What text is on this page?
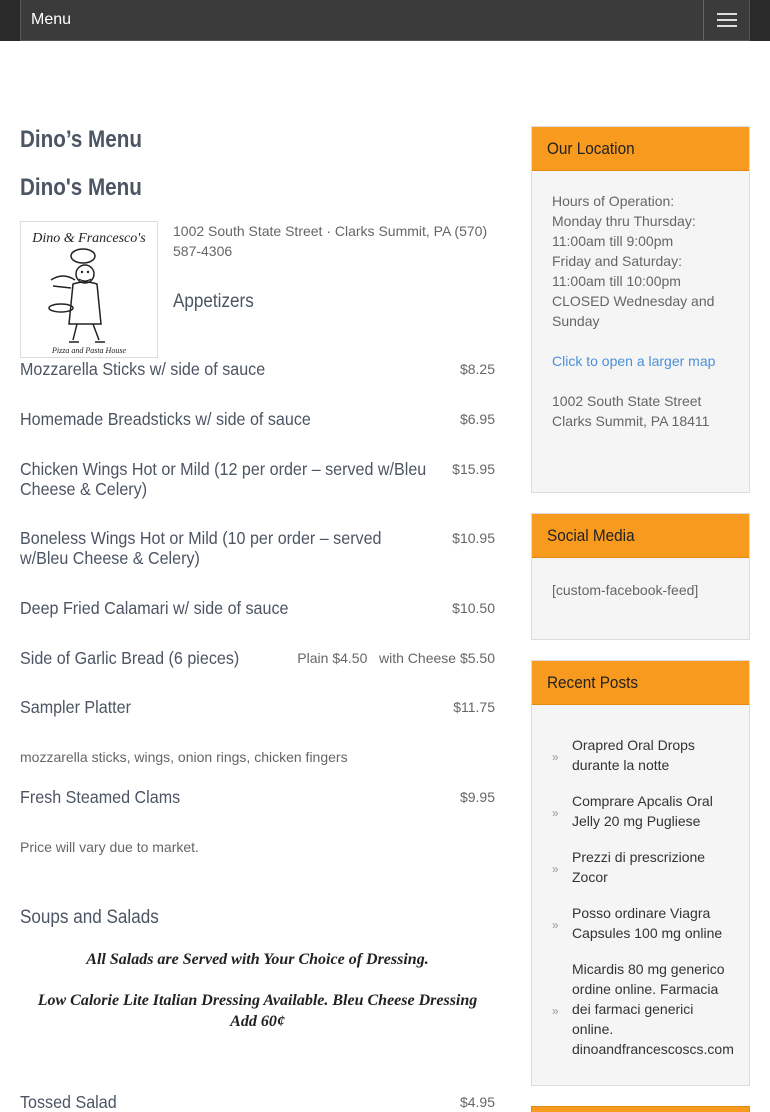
Menu
Dino’s Menu
Dino's Menu
Dino & Francesco's
Pizza and Pasta House
1002 South State Street · Clarks Summit, PA (570) 587-4306
Appetizers
Mozzarella Sticks w/ side of sauce	$8.25
Homemade Breadsticks w/ side of sauce	$6.95
Chicken Wings Hot or Mild (12 per order – served w/Bleu Cheese & Celery)
$15.95
Boneless Wings Hot or Mild (10 per order – served w/Bleu Cheese & Celery)
$10.95
Deep Fried Calamari w/ side of sauce	$10.50
Side of Garlic Bread (6 pieces)	Plain $4.50   with Cheese $5.50
Sampler Platter	$11.75
mozzarella sticks, wings, onion rings, chicken fingers
Fresh Steamed Clams	$9.95
Price will vary due to market.
Soups and Salads
All Salads are Served with Your Choice of Dressing.
Low Calorie Lite Italian Dressing Available. Bleu Cheese Dressing Add 60¢
Tossed Salad	$4.95
Our Location
Hours of Operation:
Monday thru Thursday:
11:00am till 9:00pm
Friday and Saturday:
11:00am till 10:00pm
CLOSED Wednesday and Sunday
Click to open a larger map
1002 South State Street
Clarks Summit, PA 18411
Social Media
[custom-facebook-feed]
Recent Posts
»
Orapred Oral Drops durante la notte
»
Comprare Apcalis Oral Jelly 20 mg Pugliese
»
Prezzi di prescrizione Zocor
»
Posso ordinare Viagra Capsules 100 mg online
»
Micardis 80 mg generico ordine online. Farmacia dei farmaci generici online. dinoandfrancescoscs.com
